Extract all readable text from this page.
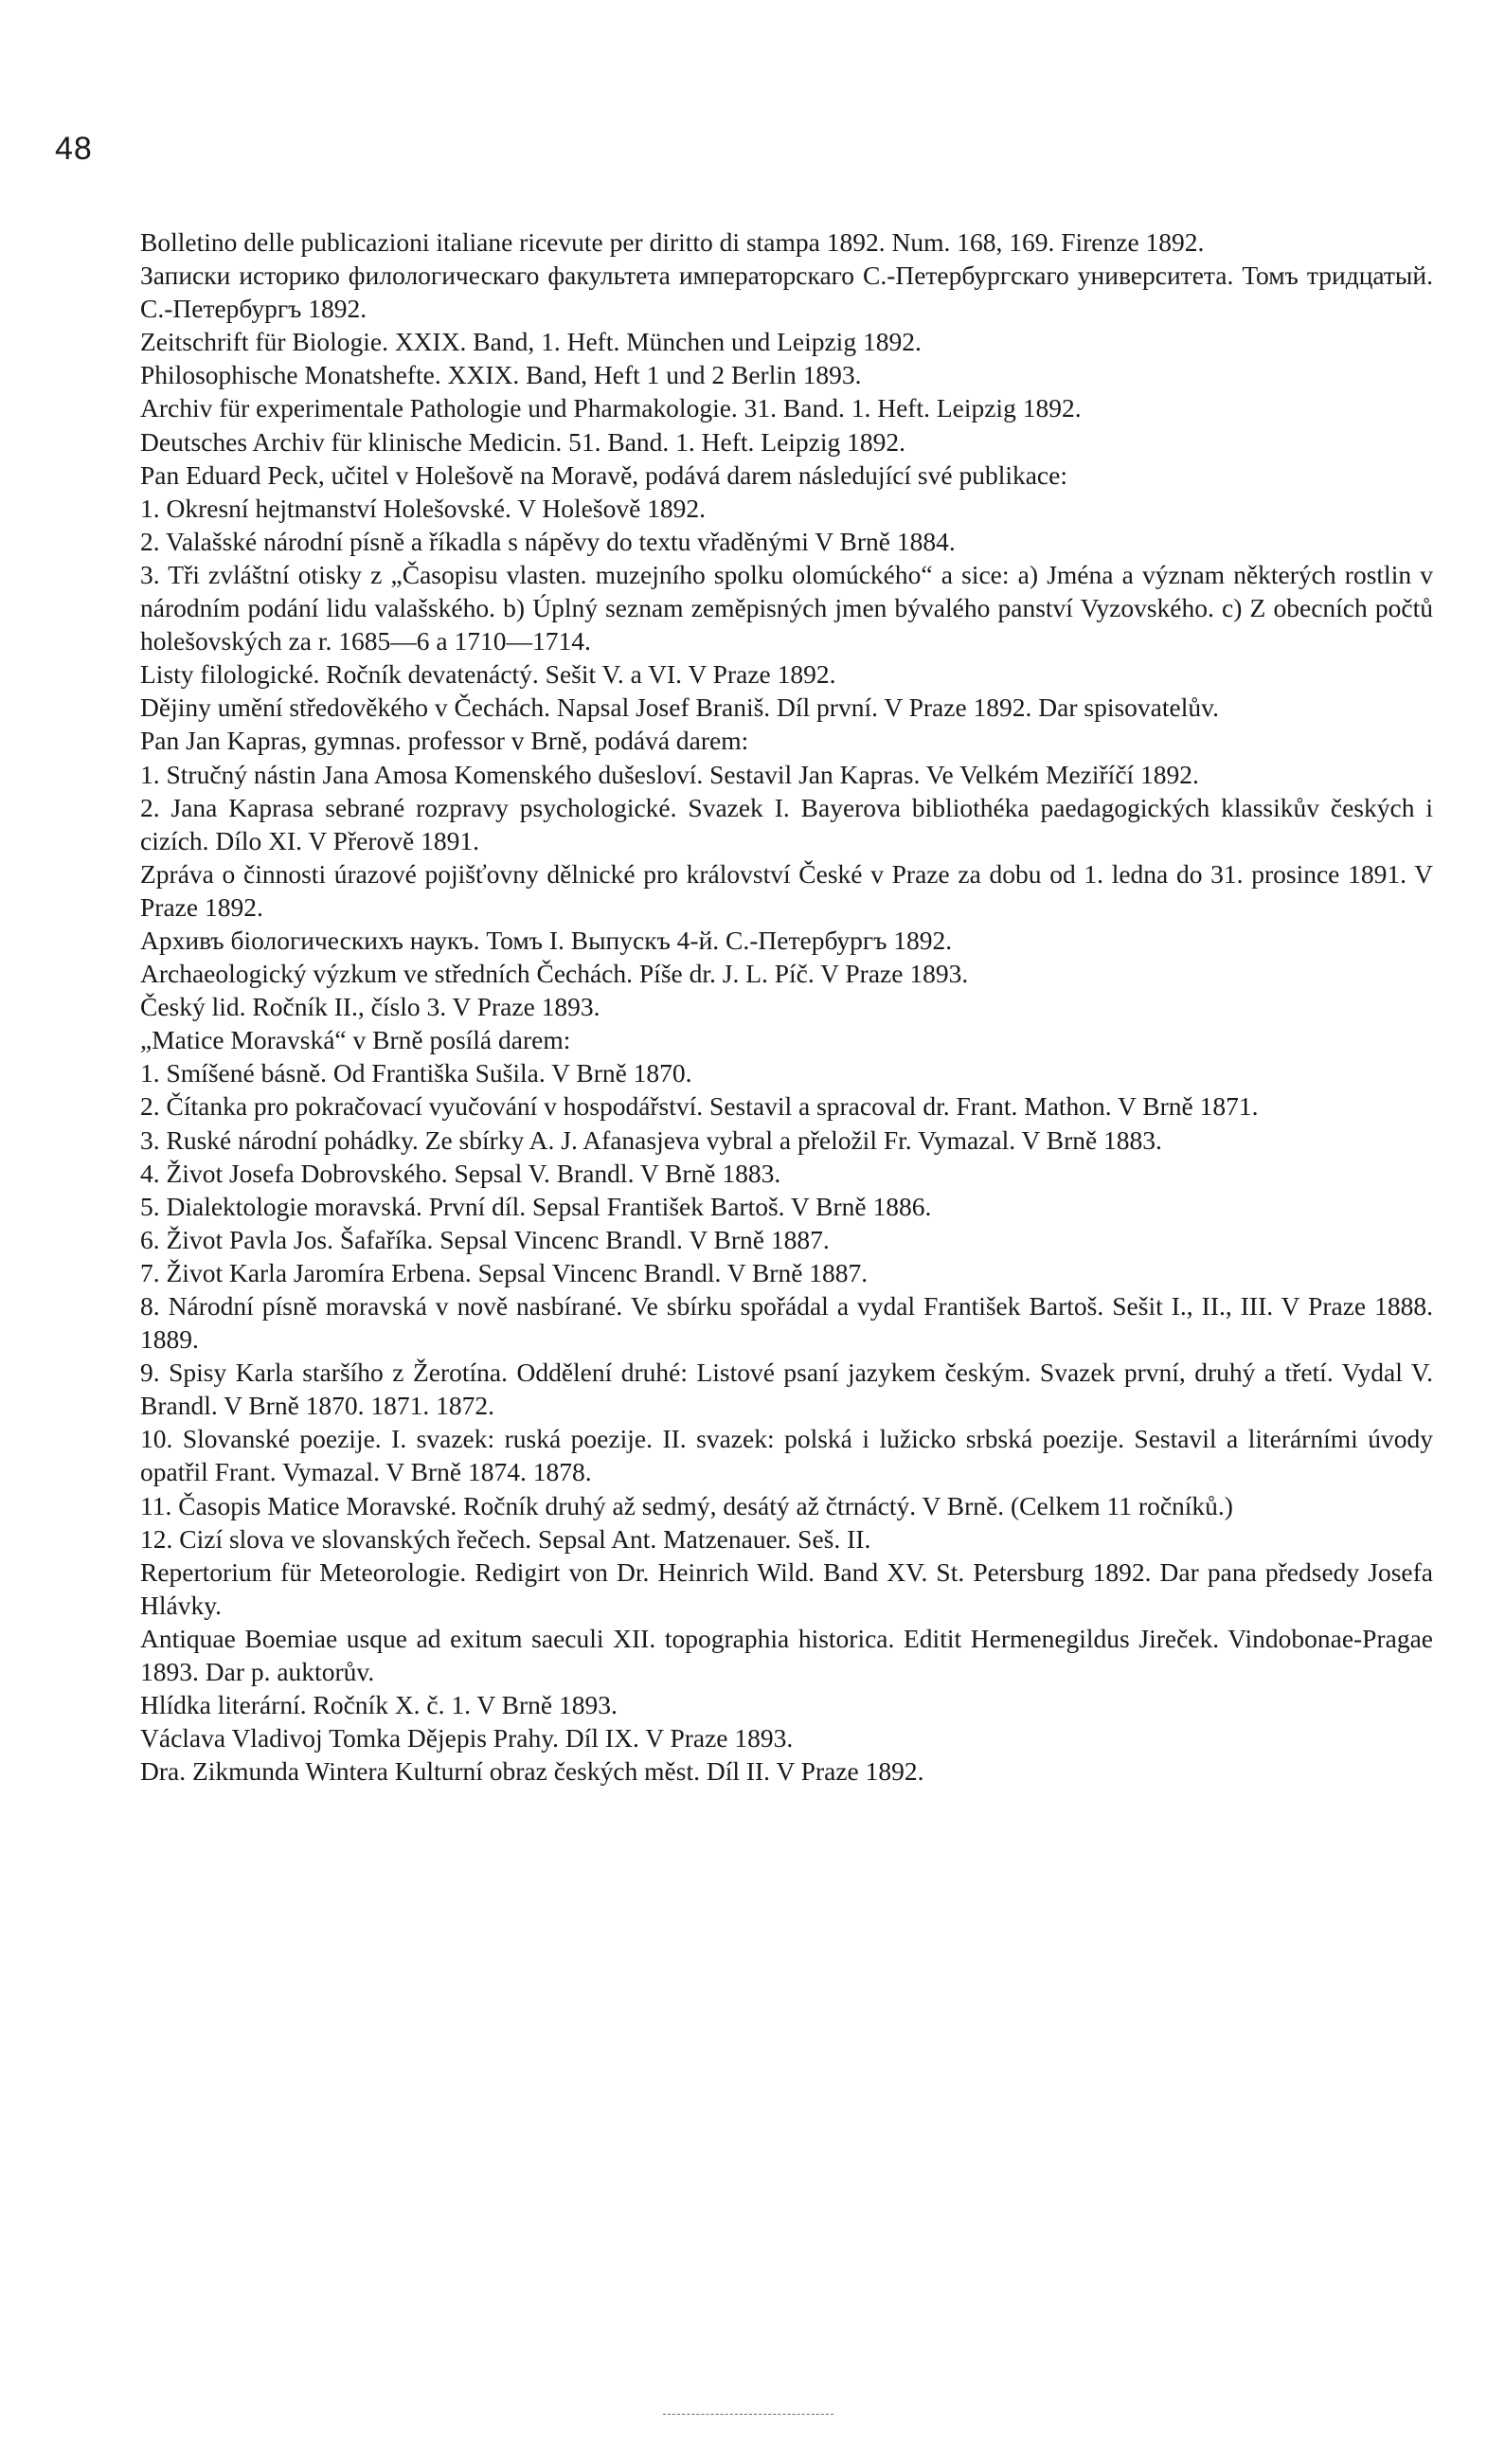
48

Bolletino delle publicazioni italiane ricevute per diritto di stampa 1892. Num. 168, 169. Firenze 1892.

Записки историко филологическаго факультета императорскаго С.-Петербургскаго университета. Томъ тридцатый. С.-Петербургъ 1892.

Zeitschrift für Biologie. XXIX. Band, 1. Heft. München und Leipzig 1892.

Philosophische Monatshefte. XXIX. Band, Heft 1 und 2 Berlin 1893.

Archiv für experimentale Pathologie und Pharmakologie. 31. Band. 1. Heft. Leipzig 1892.

Deutsches Archiv für klinische Medicin. 51. Band. 1. Heft. Leipzig 1892.

Pan Eduard Peck, učitel v Holešově na Moravě, podává darem následující své publikace:

1. Okresní hejtmanství Holešovské. V Holešově 1892.

2. Valašské národní písně a říkadla s nápěvy do textu vřaděnými V Brně 1884.

3. Tři zvláštní otisky z „Časopisu vlasten. muzejního spolku olomúckého“ a sice: a) Jména a význam některých rostlin v národním podání lidu valašského. b) Úplný seznam zeměpisných jmen bývalého panství Vyzovského. c) Z obecních počtů holešovských za r. 1685—6 a 1710—1714.

Listy filologické. Ročník devatenáctý. Sešit V. a VI. V Praze 1892.

Dějiny umění středověkého v Čechách. Napsal Josef Braniš. Díl první. V Praze 1892. Dar spisovatelův.

Pan Jan Kapras, gymnas. professor v Brně, podává darem:

1. Stručný nástin Jana Amosa Komenského dušesloví. Sestavil Jan Kapras. Ve Velkém Meziříčí 1892.

2. Jana Kaprasa sebrané rozpravy psychologické. Svazek I. Bayerova bibliothéka paedagogických klassikův českých i cizích. Dílo XI. V Přerově 1891.

Zpráva o činnosti úrazové pojišťovny dělnické pro království České v Praze za dobu od 1. ledna do 31. prosince 1891. V Praze 1892.

Архивъ біологическихъ наукъ. Томъ I. Выпускъ 4-й. С.-Петербургъ 1892.

Archaeologický výzkum ve středních Čechách. Píše dr. J. L. Píč. V Praze 1893.

Český lid. Ročník II., číslo 3. V Praze 1893.

„Matice Moravská“ v Brně posílá darem:

1. Smíšené básně. Od Františka Sušila. V Brně 1870.

2. Čítanka pro pokračovací vyučování v hospodářství. Sestavil a spracoval dr. Frant. Mathon. V Brně 1871.

3. Ruské národní pohádky. Ze sbírky A. J. Afanasjeva vybral a přeložil Fr. Vymazal. V Brně 1883.

4. Život Josefa Dobrovského. Sepsal V. Brandl. V Brně 1883.

5. Dialektologie moravská. První díl. Sepsal František Bartoš. V Brně 1886.

6. Život Pavla Jos. Šafaříka. Sepsal Vincenc Brandl. V Brně 1887.

7. Život Karla Jaromíra Erbena. Sepsal Vincenc Brandl. V Brně 1887.

8. Národní písně moravská v nově nasbírané. Ve sbírku spořádal a vydal František Bartoš. Sešit I., II., III. V Praze 1888. 1889.

9. Spisy Karla staršího z Žerotína. Oddělení druhé: Listové psaní jazykem českým. Svazek první, druhý a třetí. Vydal V. Brandl. V Brně 1870. 1871. 1872.

10. Slovanské poezije. I. svazek: ruská poezije. II. svazek: polská i lužicko srbská poezije. Sestavil a literárními úvody opatřil Frant. Vymazal. V Brně 1874. 1878.

11. Časopis Matice Moravské. Ročník druhý až sedmý, desátý až čtrnáctý. V Brně. (Celkem 11 ročníků.)

12. Cizí slova ve slovanských řečech. Sepsal Ant. Matzenauer. Seš. II.

Repertorium für Meteorologie. Redigirt von Dr. Heinrich Wild. Band XV. St. Petersburg 1892. Dar pana předsedy Josefa Hlávky.

Antiquae Boemiae usque ad exitum saeculi XII. topographia historica. Editit Hermenegildus Jireček. Vindobonae-Pragae 1893. Dar p. auktorův.

Hlídka literární. Ročník X. č. 1. V Brně 1893.

Václava Vladivoj Tomka Dějepis Prahy. Díl IX. V Praze 1893.

Dra. Zikmunda Wintera Kulturní obraz českých měst. Díl II. V Praze 1892.
